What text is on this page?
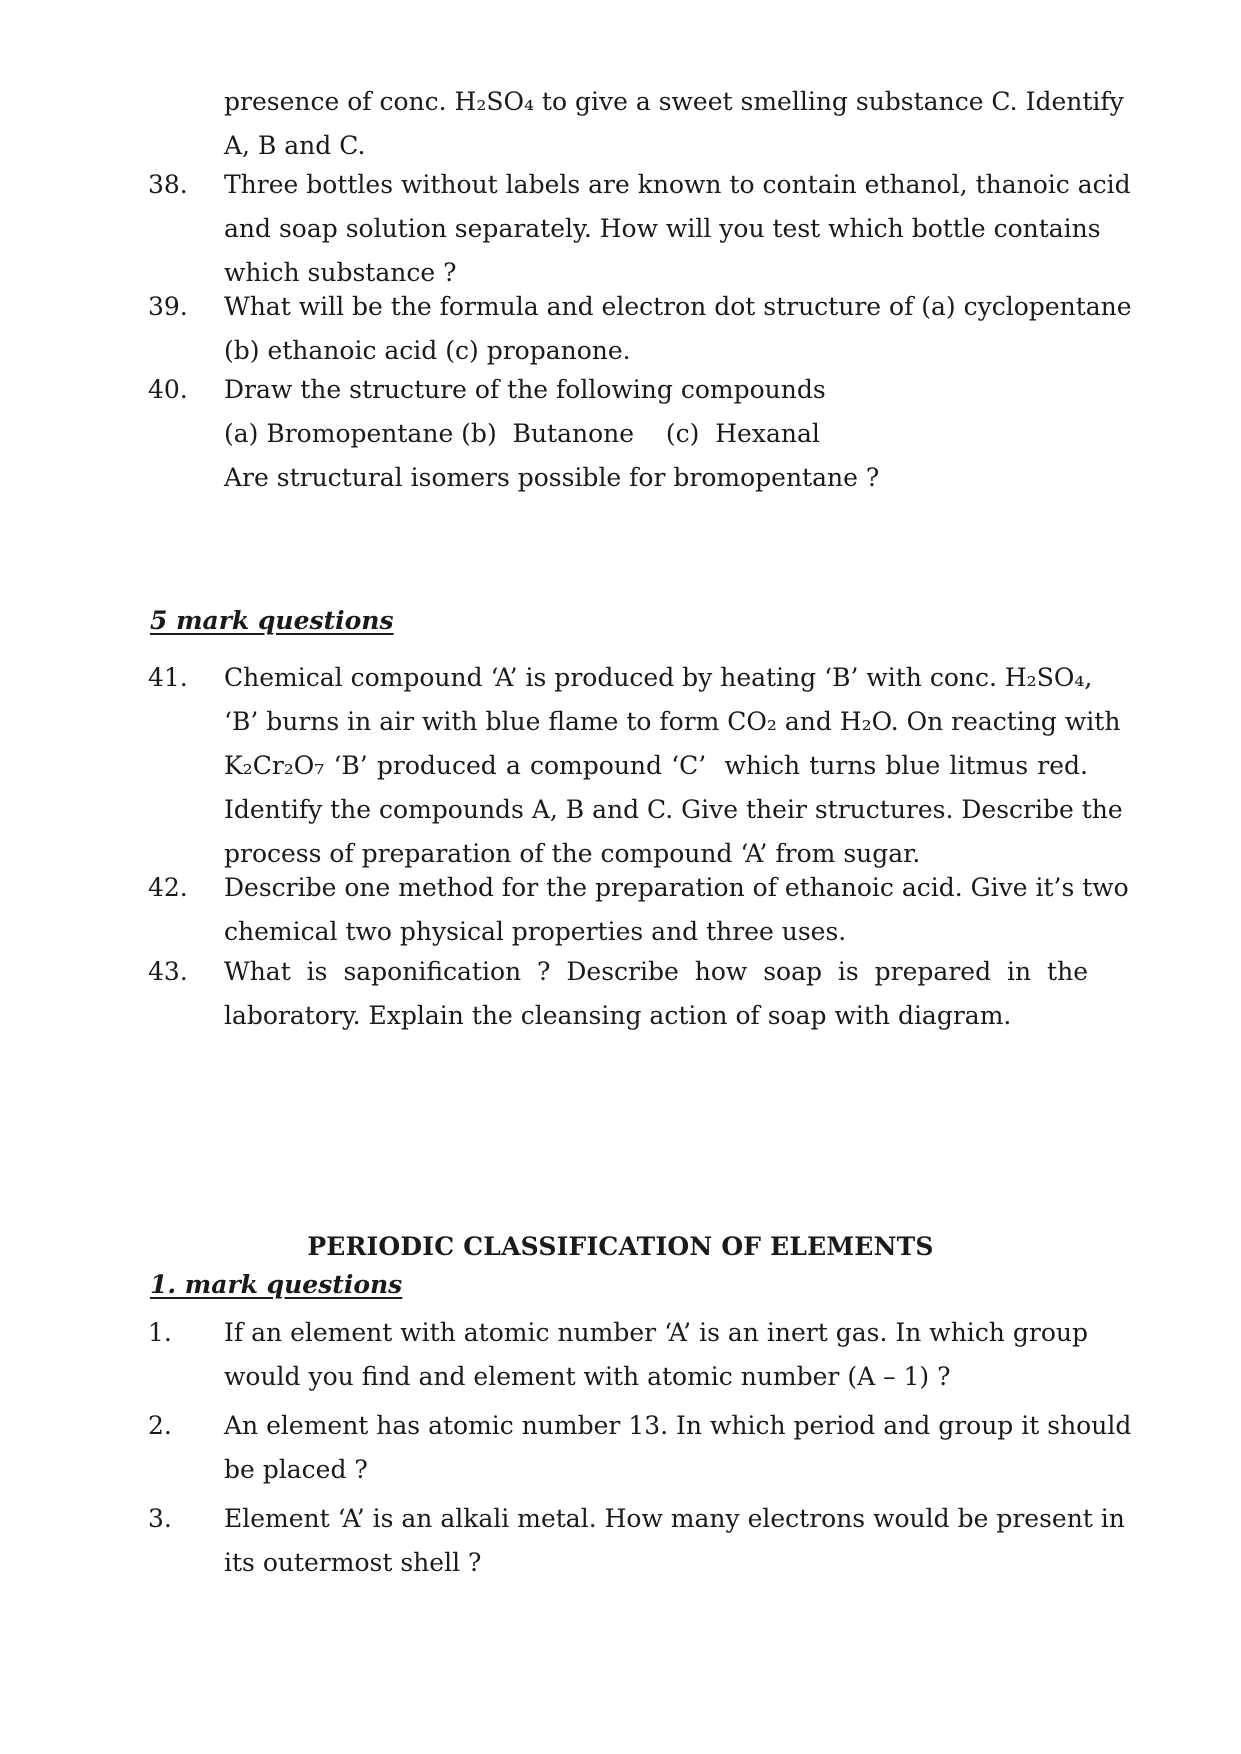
presence of conc. H₂SO₄ to give a sweet smelling substance C. Identify
A, B and C.
38. Three bottles without labels are known to contain ethanol, thanoic acid
and soap solution separately. How will you test which bottle contains
which substance ?
39. What will be the formula and electron dot structure of (a) cyclopentane
(b) ethanoic acid (c) propanone.
40. Draw the structure of the following compounds
(a) Bromopentane (b)  Butanone    (c)  Hexanal
Are structural isomers possible for bromopentane ?
5 mark questions
41. Chemical compound ‘A’ is produced by heating ‘B’ with conc. H₂SO₄,
‘B’ burns in air with blue flame to form CO₂ and H₂O. On reacting with
K₂Cr₂O₇ ‘B’ produced a compound ‘C’  which turns blue litmus red.
Identify the compounds A, B and C. Give their structures. Describe the
process of preparation of the compound ‘A’ from sugar.
42. Describe one method for the preparation of ethanoic acid. Give it’s two
chemical two physical properties and three uses.
43. What is saponification ? Describe how soap is prepared in the
laboratory. Explain the cleansing action of soap with diagram.
PERIODIC CLASSIFICATION OF ELEMENTS
1. mark questions
1. If an element with atomic number ‘A’ is an inert gas. In which group
would you find and element with atomic number (A – 1) ?
2. An element has atomic number 13. In which period and group it should
be placed ?
3. Element ‘A’ is an alkali metal. How many electrons would be present in
its outermost shell ?
